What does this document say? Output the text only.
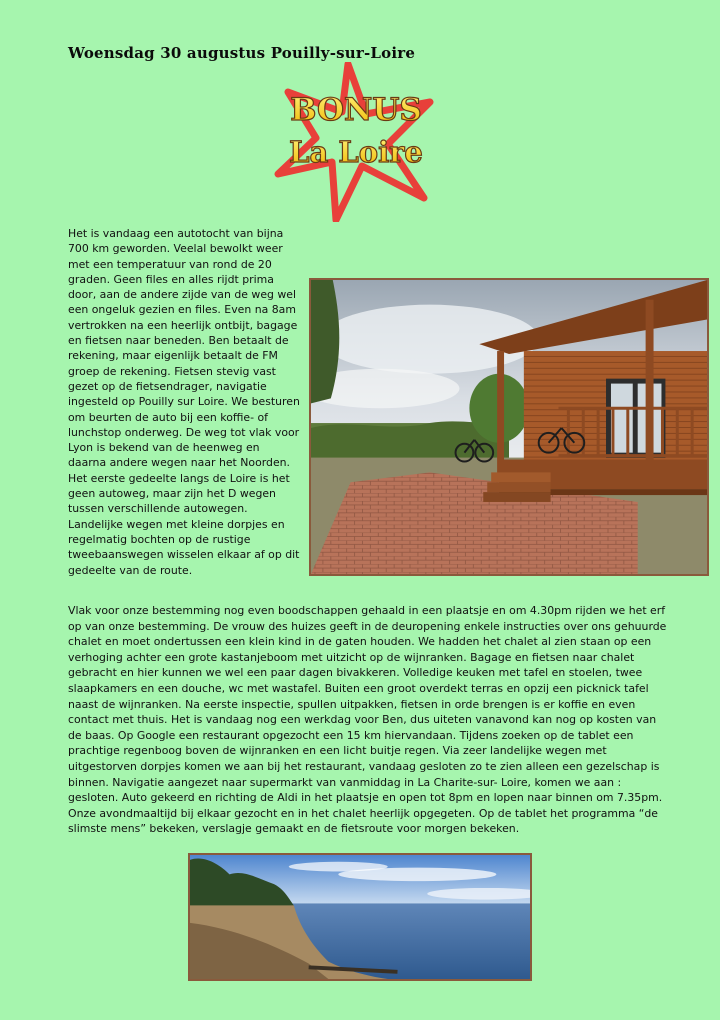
Woensdag 30 augustus Pouilly-sur-Loire
BONUS
La Loire

Het is vandaag een autotocht van bijna 700 km geworden. Veelal bewolkt weer met een temperatuur van rond de 20 graden. Geen files en alles rijdt prima door, aan de andere zijde van de weg wel een ongeluk gezien en files. Even na 8am vertrokken na een heerlijk ontbijt, bagage en fietsen naar beneden. Ben betaalt de rekening, maar eigenlijk betaalt de FM groep de rekening. Fietsen stevig vast gezet op de fietsendrager, navigatie ingesteld op Pouilly sur Loire. We besturen om beurten de auto bij een koffie- of lunchstop onderweg. De weg tot vlak voor Lyon is bekend van de heenweg en daarna andere wegen naar het Noorden. Het eerste gedeelte langs de Loire is het geen autoweg, maar zijn het D wegen tussen verschillende autowegen. Landelijke wegen met kleine dorpjes en regelmatig bochten op de rustige tweebaanswegen wisselen elkaar af op dit gedeelte van de route.

Vlak voor onze bestemming nog even boodschappen gehaald in een plaatsje en om 4.30pm rijden we het erf op van onze bestemming. De vrouw des huizes geeft in de deuropening enkele instructies over ons gehuurde chalet en moet ondertussen een klein kind in de gaten houden. We hadden het chalet al zien staan op een verhoging achter een grote kastanjeboom met uitzicht op de wijnranken. Bagage en fietsen naar chalet gebracht en hier kunnen we wel een paar dagen bivakkeren. Volledige keuken met tafel en stoelen, twee slaapkamers en een douche, wc met wastafel. Buiten een groot overdekt terras en opzij een picknick tafel naast de wijnranken. Na eerste inspectie, spullen uitpakken, fietsen in orde brengen is er koffie en even contact met thuis. Het is vandaag nog een werkdag voor Ben, dus uiteten vanavond kan nog op kosten van de baas. Op Google een restaurant opgezocht een 15 km hiervandaan. Tijdens zoeken op de tablet een prachtige regenboog boven de wijnranken en een licht buitje regen. Via zeer landelijke wegen met uitgestorven dorpjes komen we aan bij het restaurant, vandaag gesloten zo te zien alleen een gezelschap is binnen. Navigatie aangezet naar supermarkt van vanmiddag in La Charite-sur- Loire, komen we aan : gesloten. Auto gekeerd en richting de Aldi in het plaatsje en open tot 8pm en lopen naar binnen om 7.35pm. Onze avondmaaltijd bij elkaar gezocht en in het chalet heerlijk opgegeten. Op de tablet het programma “de slimste mens” bekeken, verslagje gemaakt en de fietsroute voor morgen bekeken.
